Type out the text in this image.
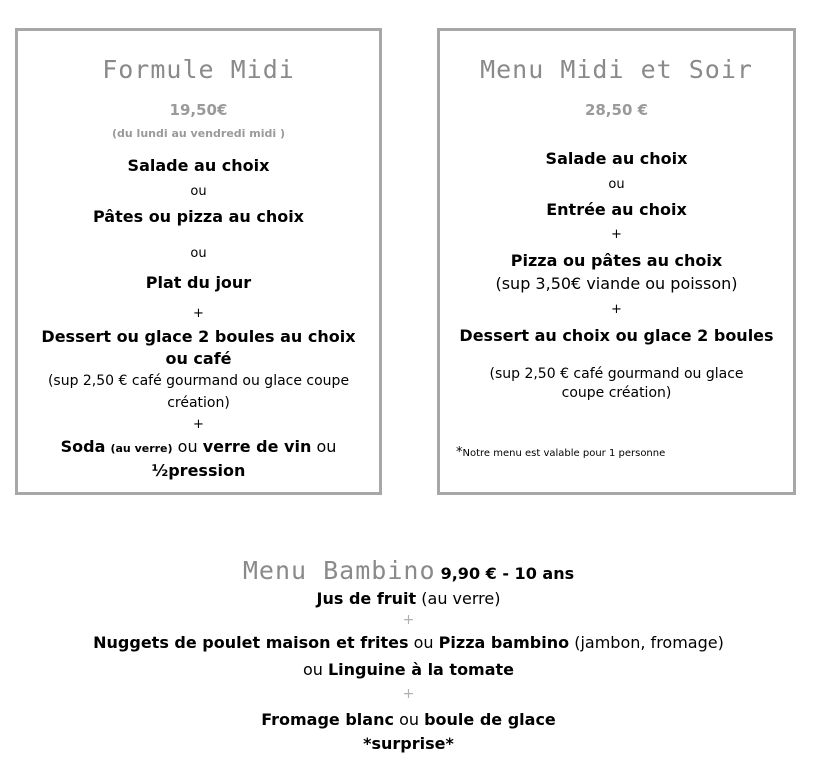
Formule Midi
19,50€
(du lundi au vendredi midi )
Salade au choix
ou
Pâtes ou pizza au choix
ou
Plat du jour
+
Dessert ou glace 2 boules au choix
ou café
(sup 2,50 € café gourmand ou glace coupe
création)
+
Soda (au verre) ou verre de vin ou
½pression
Menu Midi et Soir
28,50 €
Salade au choix
ou
Entrée au choix
+
Pizza ou pâtes au choix
(sup 3,50€ viande ou poisson)
+
Dessert au choix ou glace 2 boules
(sup 2,50 € café gourmand ou glace
coupe création)
*Notre menu est valable pour 1 personne
Menu Bambino 9,90 € - 10 ans
Jus de fruit (au verre)
+
Nuggets de poulet maison et frites ou Pizza bambino (jambon, fromage)
ou Linguine à la tomate
+
Fromage blanc ou boule de glace
*surprise*
